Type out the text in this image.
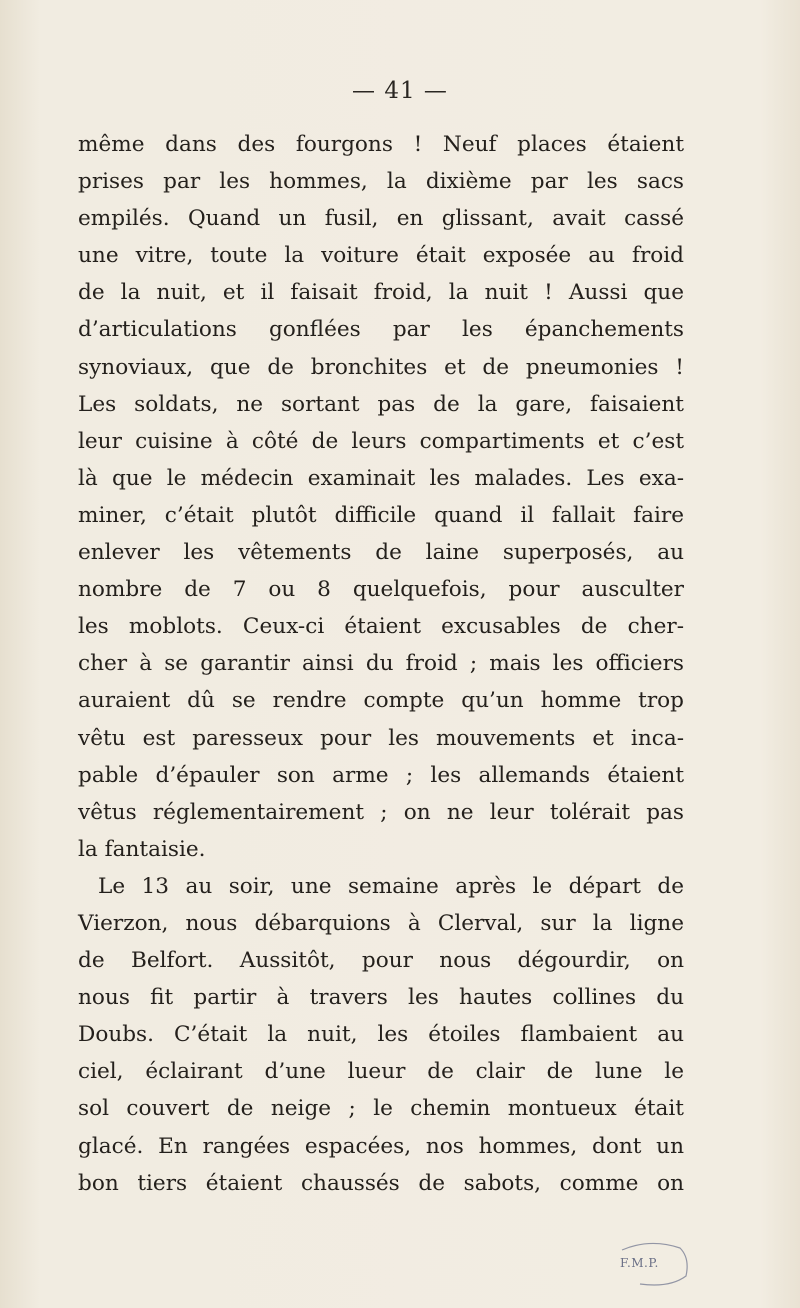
— 41 —
même dans des fourgons ! Neuf places étaient
prises par les hommes, la dixième par les sacs
empilés. Quand un fusil, en glissant, avait cassé
une vitre, toute la voiture était exposée au froid
de la nuit, et il faisait froid, la nuit ! Aussi que
d’articulations gonflées par les épanchements
synoviaux, que de bronchites et de pneumonies !
Les soldats, ne sortant pas de la gare, faisaient
leur cuisine à côté de leurs compartiments et c’est
là que le médecin examinait les malades. Les exa-
miner, c’était plutôt difficile quand il fallait faire
enlever les vêtements de laine superposés, au
nombre de 7 ou 8 quelquefois, pour ausculter
les moblots. Ceux-ci étaient excusables de cher-
cher à se garantir ainsi du froid ; mais les officiers
auraient dû se rendre compte qu’un homme trop
vêtu est paresseux pour les mouvements et inca-
pable d’épauler son arme ; les allemands étaient
vêtus réglementairement ; on ne leur tolérait pas
la fantaisie.
Le 13 au soir, une semaine après le départ de
Vierzon, nous débarquions à Clerval, sur la ligne
de Belfort. Aussitôt, pour nous dégourdir, on
nous fit partir à travers les hautes collines du
Doubs. C’était la nuit, les étoiles flambaient au
ciel, éclairant d’une lueur de clair de lune le
sol couvert de neige ; le chemin montueux était
glacé. En rangées espacées, nos hommes, dont un
bon tiers étaient chaussés de sabots, comme on
F.M.P.
